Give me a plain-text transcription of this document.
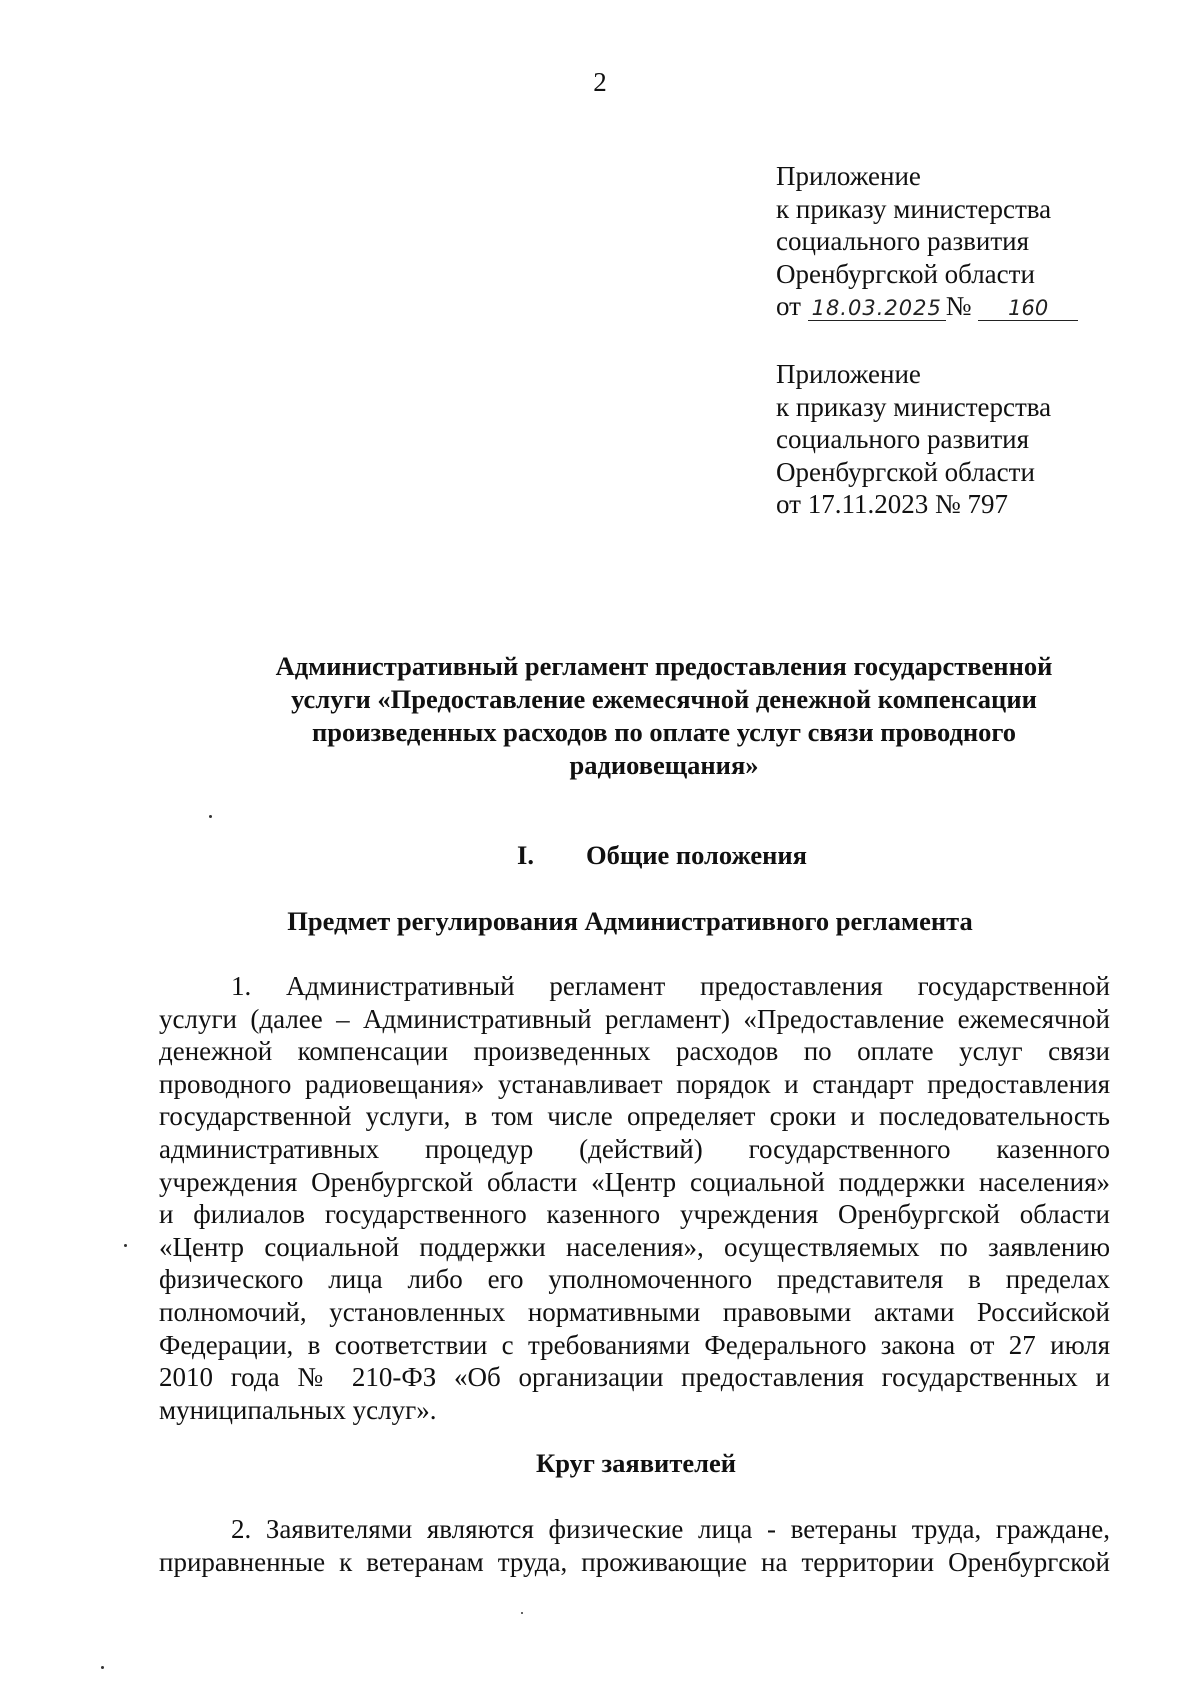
2
Приложение
к приказу министерства
социального развития
Оренбургской области
от 18.03.2025 № 160
Приложение
к приказу министерства
социального развития
Оренбургской области
от 17.11.2023 № 797
Административный регламент предоставления государственной
услуги «Предоставление ежемесячной денежной компенсации
произведенных расходов по оплате услуг связи проводного
радиовещания»
I. Общие положения
Предмет регулирования Административного регламента
1. Административный регламент предоставления государственной
услуги (далее – Административный регламент) «Предоставление ежемесячной
денежной компенсации произведенных расходов по оплате услуг связи
проводного радиовещания» устанавливает порядок и стандарт предоставления
государственной услуги, в том числе определяет сроки и последовательность
административных процедур (действий) государственного казенного
учреждения Оренбургской области «Центр социальной поддержки населения»
и филиалов государственного казенного учреждения Оренбургской области
«Центр социальной поддержки населения», осуществляемых по заявлению
физического лица либо его уполномоченного представителя в пределах
полномочий, установленных нормативными правовыми актами Российской
Федерации, в соответствии с требованиями Федерального закона от 27 июля
2010 года № 210-ФЗ «Об организации предоставления государственных и
муниципальных услуг».
Круг заявителей
2. Заявителями являются физические лица - ветераны труда, граждане,
приравненные к ветеранам труда, проживающие на территории Оренбургской
